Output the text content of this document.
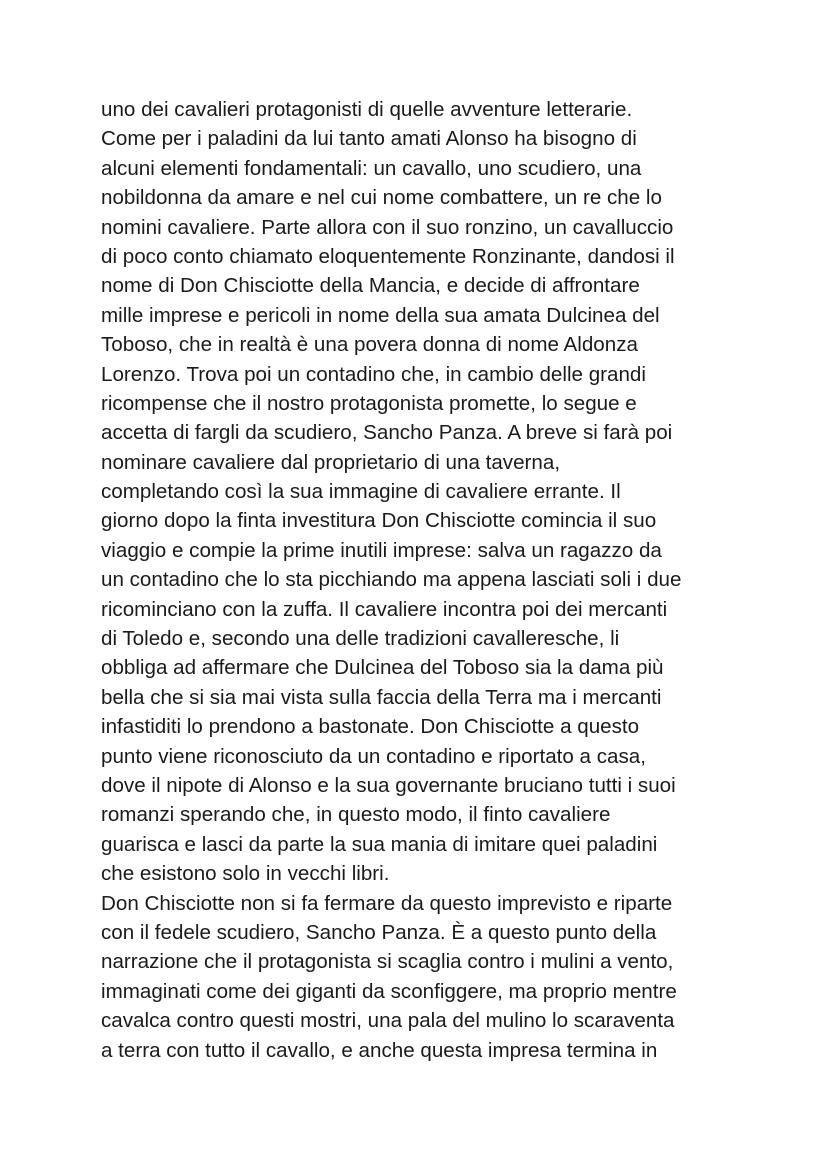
uno dei cavalieri protagonisti di quelle avventure letterarie.
Come per i paladini da lui tanto amati Alonso ha bisogno di
alcuni elementi fondamentali: un cavallo, uno scudiero, una
nobildonna da amare e nel cui nome combattere, un re che lo
nomini cavaliere. Parte allora con il suo ronzino, un cavalluccio
di poco conto chiamato eloquentemente Ronzinante, dandosi il
nome di Don Chisciotte della Mancia, e decide di affrontare
mille imprese e pericoli in nome della sua amata Dulcinea del
Toboso, che in realtà è una povera donna di nome Aldonza
Lorenzo. Trova poi un contadino che, in cambio delle grandi
ricompense che il nostro protagonista promette, lo segue e
accetta di fargli da scudiero, Sancho Panza. A breve si farà poi
nominare cavaliere dal proprietario di una taverna,
completando così la sua immagine di cavaliere errante. Il
giorno dopo la finta investitura Don Chisciotte comincia il suo
viaggio e compie la prime inutili imprese: salva un ragazzo da
un contadino che lo sta picchiando ma appena lasciati soli i due
ricominciano con la zuffa. Il cavaliere incontra poi dei mercanti
di Toledo e, secondo una delle tradizioni cavalleresche, li
obbliga ad affermare che Dulcinea del Toboso sia la dama più
bella che si sia mai vista sulla faccia della Terra ma i mercanti
infastiditi lo prendono a bastonate. Don Chisciotte a questo
punto viene riconosciuto da un contadino e riportato a casa,
dove il nipote di Alonso e la sua governante bruciano tutti i suoi
romanzi sperando che, in questo modo, il finto cavaliere
guarisca e lasci da parte la sua mania di imitare quei paladini
che esistono solo in vecchi libri.
Don Chisciotte non si fa fermare da questo imprevisto e riparte
con il fedele scudiero, Sancho Panza. È a questo punto della
narrazione che il protagonista si scaglia contro i mulini a vento,
immaginati come dei giganti da sconfiggere, ma proprio mentre
cavalca contro questi mostri, una pala del mulino lo scaraventa
a terra con tutto il cavallo, e anche questa impresa termina in
